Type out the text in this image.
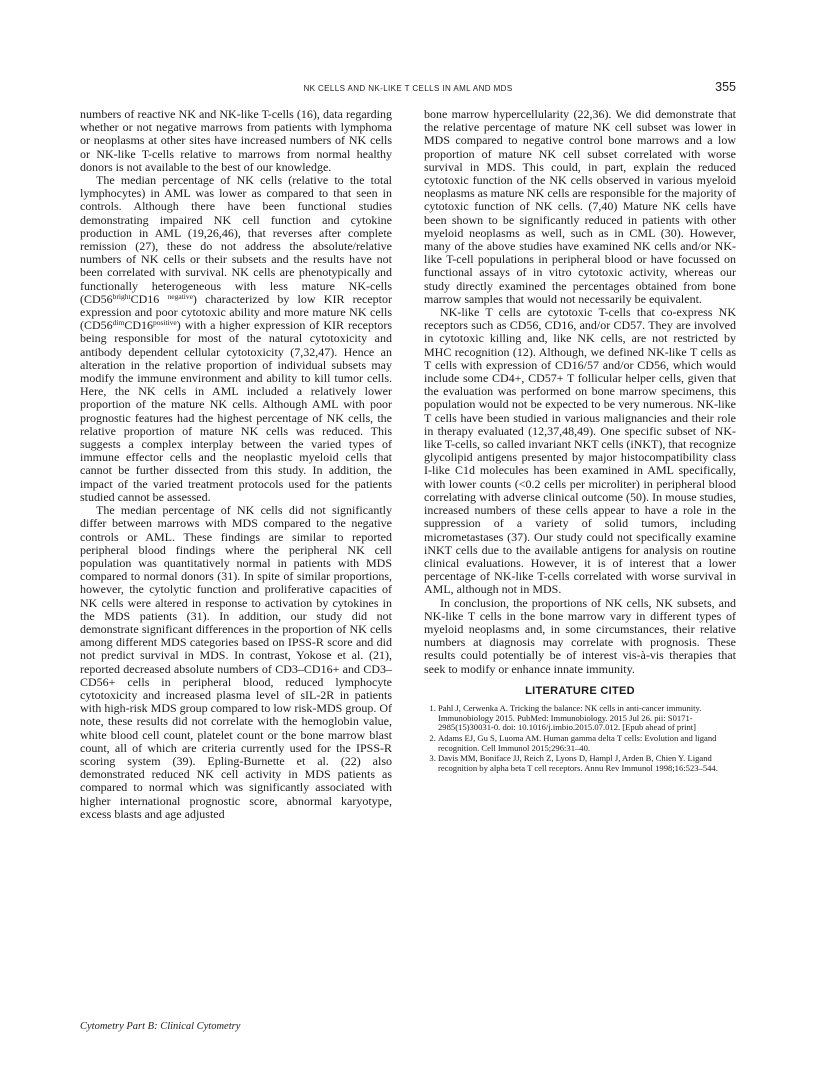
NK CELLS AND NK-LIKE T CELLS IN AML AND MDS	355

numbers of reactive NK and NK-like T-cells (16), data regarding whether or not negative marrows from patients with lymphoma or neoplasms at other sites have increased numbers of NK cells or NK-like T-cells relative to marrows from normal healthy donors is not available to the best of our knowledge.

The median percentage of NK cells (relative to the total lymphocytes) in AML was lower as compared to that seen in controls. Although there have been functional studies demonstrating impaired NK cell function and cytokine production in AML (19,26,46), that reverses after complete remission (27), these do not address the absolute/relative numbers of NK cells or their subsets and the results have not been correlated with survival. NK cells are phenotypically and functionally heterogeneous with less mature NK-cells ($CD56^{bright}CD16$ $^{negative}$) characterized by low KIR receptor expression and poor cytotoxic ability and more mature NK cells $(CD56^{dim}CD16^{positive})$ with a higher expression of KIR receptors being responsible for most of the natural cytotoxicity and antibody dependent cellular cytotoxicity (7,32,47). Hence an alteration in the relative proportion of individual subsets may modify the immune environment and ability to kill tumor cells. Here, the NK cells in AML included a relatively lower proportion of the mature NK cells. Although AML with poor prognostic features had the highest percentage of NK cells, the relative proportion of mature NK cells was reduced. This suggests a complex interplay between the varied types of immune effector cells and the neoplastic myeloid cells that cannot be further dissected from this study. In addition, the impact of the varied treatment protocols used for the patients studied cannot be assessed.

The median percentage of NK cells did not significantly differ between marrows with MDS compared to the negative controls or AML. These findings are similar to reported peripheral blood findings where the peripheral NK cell population was quantitatively normal in patients with MDS compared to normal donors (31). In spite of similar proportions, however, the cytolytic function and proliferative capacities of NK cells were altered in response to activation by cytokines in the MDS patients (31). In addition, our study did not demonstrate significant differences in the proportion of NK cells among different MDS categories based on IPSS-R score and did not predict survival in MDS. In contrast, Yokose et al. (21), reported decreased absolute numbers of CD3–CD16+ and CD3–CD56+ cells in peripheral blood, reduced lymphocyte cytotoxicity and increased plasma level of sIL-2R in patients with high-risk MDS group compared to low risk-MDS group. Of note, these results did not correlate with the hemoglobin value, white blood cell count, platelet count or the bone marrow blast count, all of which are criteria currently used for the IPSS-R scoring system (39). Epling-Burnette et al. (22) also demonstrated reduced NK cell activity in MDS patients as compared to normal which was significantly associated with higher international prognostic score, abnormal karyotype, excess blasts and age adjusted

bone marrow hypercellularity (22,36). We did demonstrate that the relative percentage of mature NK cell subset was lower in MDS compared to negative control bone marrows and a low proportion of mature NK cell subset correlated with worse survival in MDS. This could, in part, explain the reduced cytotoxic function of the NK cells observed in various myeloid neoplasms as mature NK cells are responsible for the majority of cytotoxic function of NK cells. (7,40) Mature NK cells have been shown to be significantly reduced in patients with other myeloid neoplasms as well, such as in CML (30). However, many of the above studies have examined NK cells and/or NK-like T-cell populations in peripheral blood or have focussed on functional assays of in vitro cytotoxic activity, whereas our study directly examined the percentages obtained from bone marrow samples that would not necessarily be equivalent.

NK-like T cells are cytotoxic T-cells that co-express NK receptors such as CD56, CD16, and/or CD57. They are involved in cytotoxic killing and, like NK cells, are not restricted by MHC recognition (12). Although, we defined NK-like T cells as T cells with expression of CD16/57 and/or CD56, which would include some CD4+, CD57+ T follicular helper cells, given that the evaluation was performed on bone marrow specimens, this population would not be expected to be very numerous. NK-like T cells have been studied in various malignancies and their role in therapy evaluated (12,37,48,49). One specific subset of NK-like T-cells, so called invariant NKT cells (iNKT), that recognize glycolipid antigens presented by major histocompatibility class I-like C1d molecules has been examined in AML specifically, with lower counts (<0.2 cells per microliter) in peripheral blood correlating with adverse clinical outcome (50). In mouse studies, increased numbers of these cells appear to have a role in the suppression of a variety of solid tumors, including micrometastases (37). Our study could not specifically examine iNKT cells due to the available antigens for analysis on routine clinical evaluations. However, it is of interest that a lower percentage of NK-like T-cells correlated with worse survival in AML, although not in MDS.

In conclusion, the proportions of NK cells, NK subsets, and NK-like T cells in the bone marrow vary in different types of myeloid neoplasms and, in some circumstances, their relative numbers at diagnosis may correlate with prognosis. These results could potentially be of interest vis-à-vis therapies that seek to modify or enhance innate immunity.

LITERATURE CITED
1. Pahl J, Cerwenka A. Tricking the balance: NK cells in anti-cancer immunity. Immunobiology 2015. PubMed: Immunobiology. 2015 Jul 26. pii: S0171-2985(15)30031-0. doi: 10.1016/j.imbio.2015.07.012. [Epub ahead of print]
2. Adams EJ, Gu S, Luoma AM. Human gamma delta T cells: Evolution and ligand recognition. Cell Immunol 2015;296:31–40.
3. Davis MM, Boniface JJ, Reich Z, Lyons D, Hampl J, Arden B, Chien Y. Ligand recognition by alpha beta T cell receptors. Annu Rev Immunol 1998;16:523–544.
Cytometry Part B: Clinical Cytometry
